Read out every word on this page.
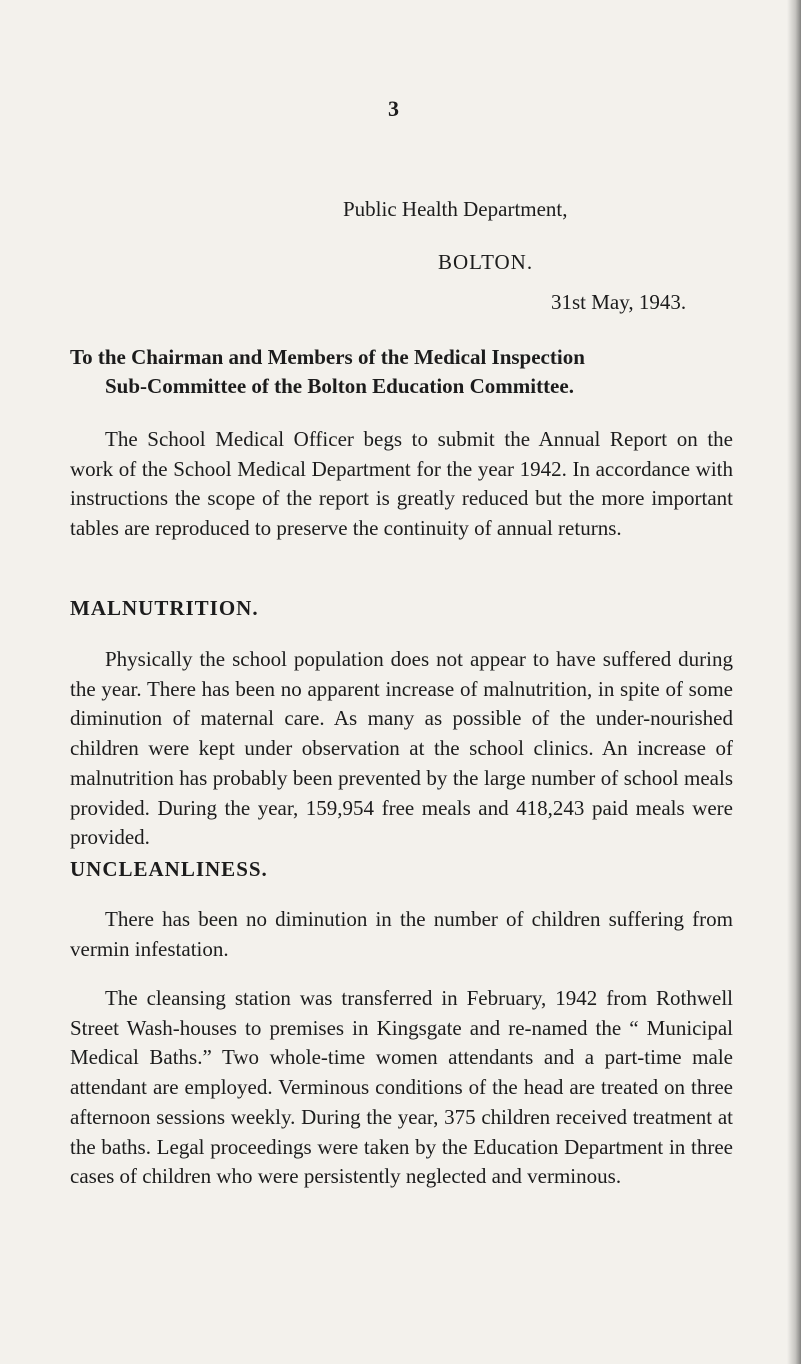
3
Public Health Department,
BOLTON.
31st May, 1943.
To the Chairman and Members of the Medical Inspection
Sub-Committee of the Bolton Education Committee.

The School Medical Officer begs to submit the Annual Report on the work of the School Medical Department for the year 1942. In accordance with instructions the scope of the report is greatly reduced but the more important tables are reproduced to preserve the continuity of annual returns.

MALNUTRITION.

Physically the school population does not appear to have suffered during the year. There has been no apparent increase of malnutrition, in spite of some diminution of maternal care. As many as possible of the under-nourished children were kept under observation at the school clinics. An increase of malnutrition has probably been prevented by the large number of school meals provided. During the year, 159,954 free meals and 418,243 paid meals were provided.

UNCLEANLINESS.

There has been no diminution in the number of children suffering from vermin infestation.

The cleansing station was transferred in February, 1942 from Rothwell Street Wash-houses to premises in Kingsgate and re-named the “ Municipal Medical Baths.” Two whole-time women attendants and a part-time male attendant are employed. Verminous conditions of the head are treated on three afternoon sessions weekly. During the year, 375 children received treatment at the baths. Legal proceedings were taken by the Education Department in three cases of children who were persistently neglected and verminous.
